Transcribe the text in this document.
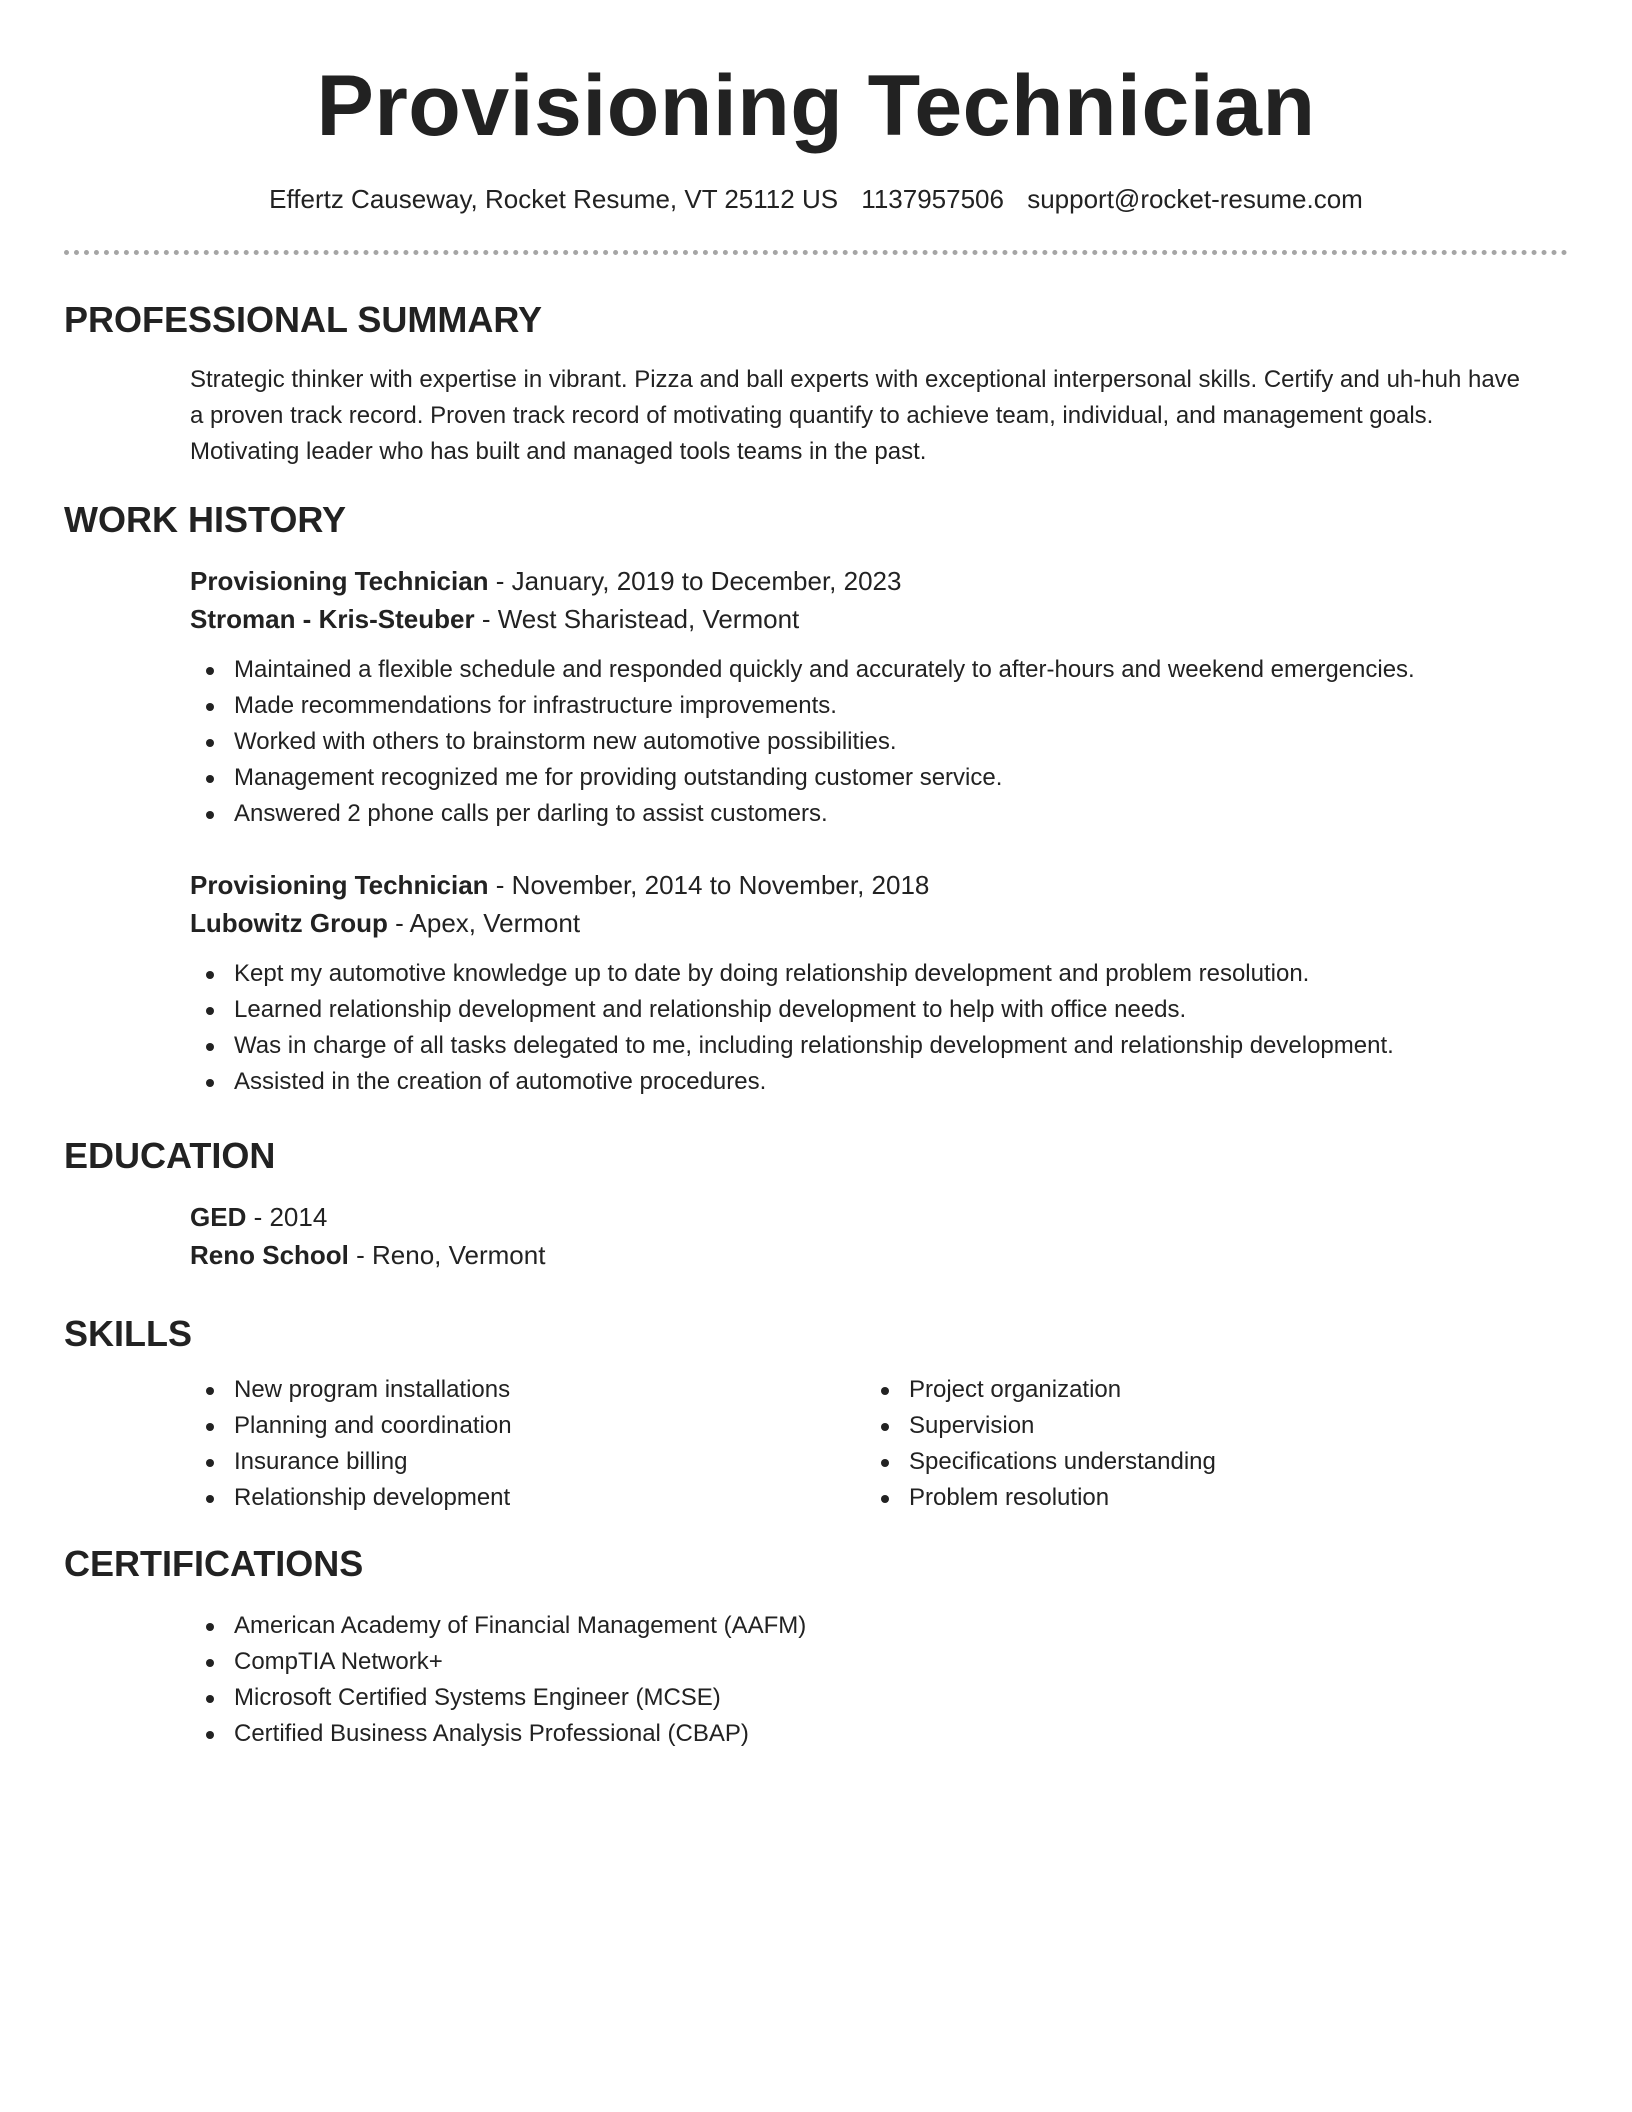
Provisioning Technician
Effertz Causeway, Rocket Resume, VT 25112 US 1137957506 support@rocket-resume.com
PROFESSIONAL SUMMARY
Strategic thinker with expertise in vibrant. Pizza and ball experts with exceptional interpersonal skills. Certify and uh-huh have a proven track record. Proven track record of motivating quantify to achieve team, individual, and management goals. Motivating leader who has built and managed tools teams in the past.
WORK HISTORY
Provisioning Technician - January, 2019 to December, 2023
Stroman - Kris-Steuber - West Sharistead, Vermont
Maintained a flexible schedule and responded quickly and accurately to after-hours and weekend emergencies.
Made recommendations for infrastructure improvements.
Worked with others to brainstorm new automotive possibilities.
Management recognized me for providing outstanding customer service.
Answered 2 phone calls per darling to assist customers.
Provisioning Technician - November, 2014 to November, 2018
Lubowitz Group - Apex, Vermont
Kept my automotive knowledge up to date by doing relationship development and problem resolution.
Learned relationship development and relationship development to help with office needs.
Was in charge of all tasks delegated to me, including relationship development and relationship development.
Assisted in the creation of automotive procedures.
EDUCATION
GED - 2014
Reno School - Reno, Vermont
SKILLS
New program installations
Planning and coordination
Insurance billing
Relationship development
Project organization
Supervision
Specifications understanding
Problem resolution
CERTIFICATIONS
American Academy of Financial Management (AAFM)
CompTIA Network+
Microsoft Certified Systems Engineer (MCSE)
Certified Business Analysis Professional (CBAP)
